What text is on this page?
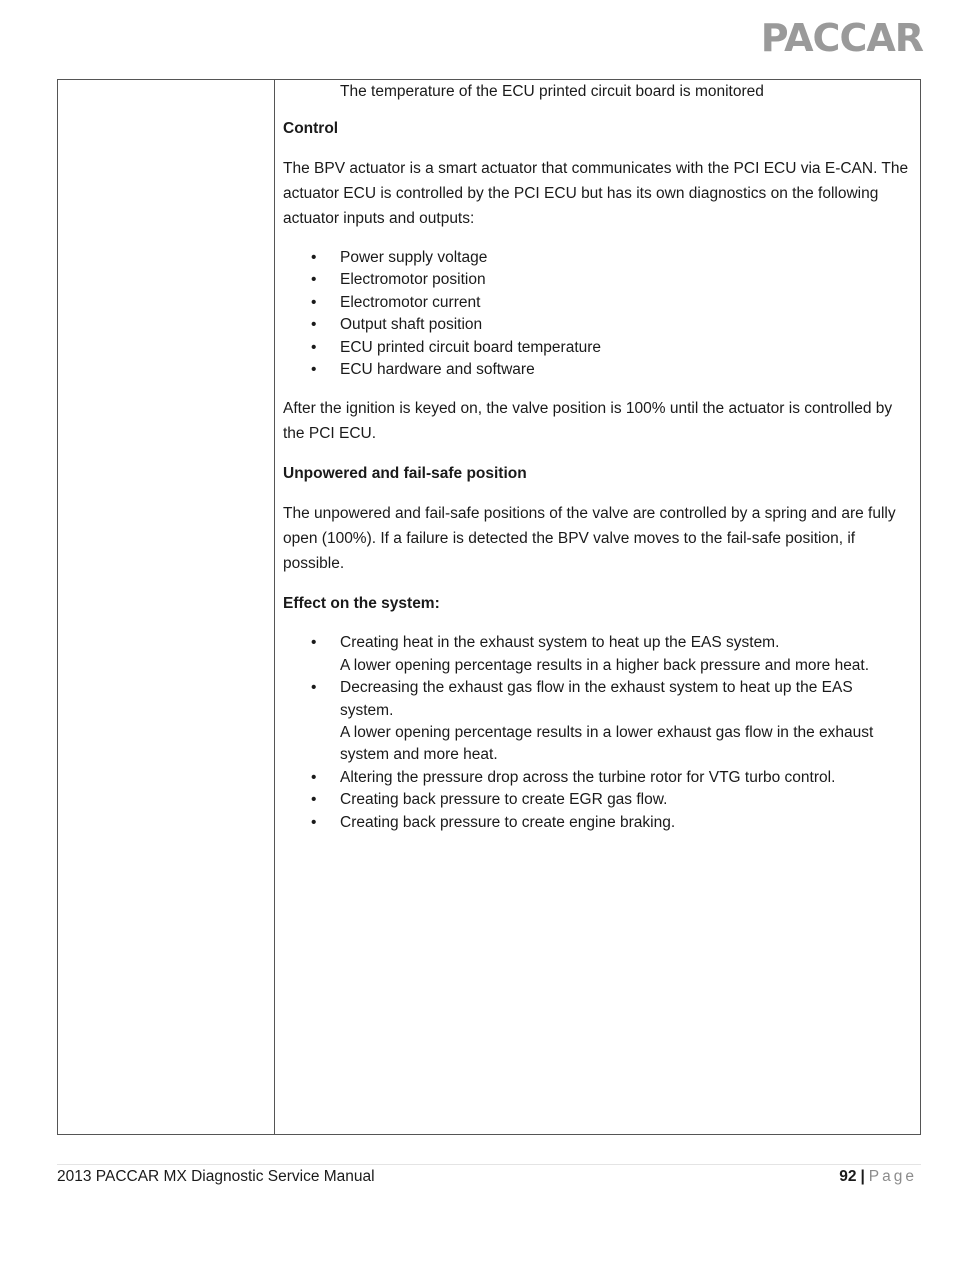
PACCAR

The temperature of the ECU printed circuit board is monitored

Control

The BPV actuator is a smart actuator that communicates with the PCI ECU via E-CAN. The actuator ECU is controlled by the PCI ECU but has its own diagnostics on the following actuator inputs and outputs:

• Power supply voltage
• Electromotor position
• Electromotor current
• Output shaft position
• ECU printed circuit board temperature
• ECU hardware and software

After the ignition is keyed on, the valve position is 100% until the actuator is controlled by the PCI ECU.

Unpowered and fail-safe position

The unpowered and fail-safe positions of the valve are controlled by a spring and are fully open (100%). If a failure is detected the BPV valve moves to the fail-safe position, if possible.

Effect on the system:

• Creating heat in the exhaust system to heat up the EAS system.
A lower opening percentage results in a higher back pressure and more heat.
• Decreasing the exhaust gas flow in the exhaust system to heat up the EAS system.
A lower opening percentage results in a lower exhaust gas flow in the exhaust system and more heat.
• Altering the pressure drop across the turbine rotor for VTG turbo control.
• Creating back pressure to create EGR gas flow.
• Creating back pressure to create engine braking.
2013 PACCAR MX Diagnostic Service Manual	92 | Page
